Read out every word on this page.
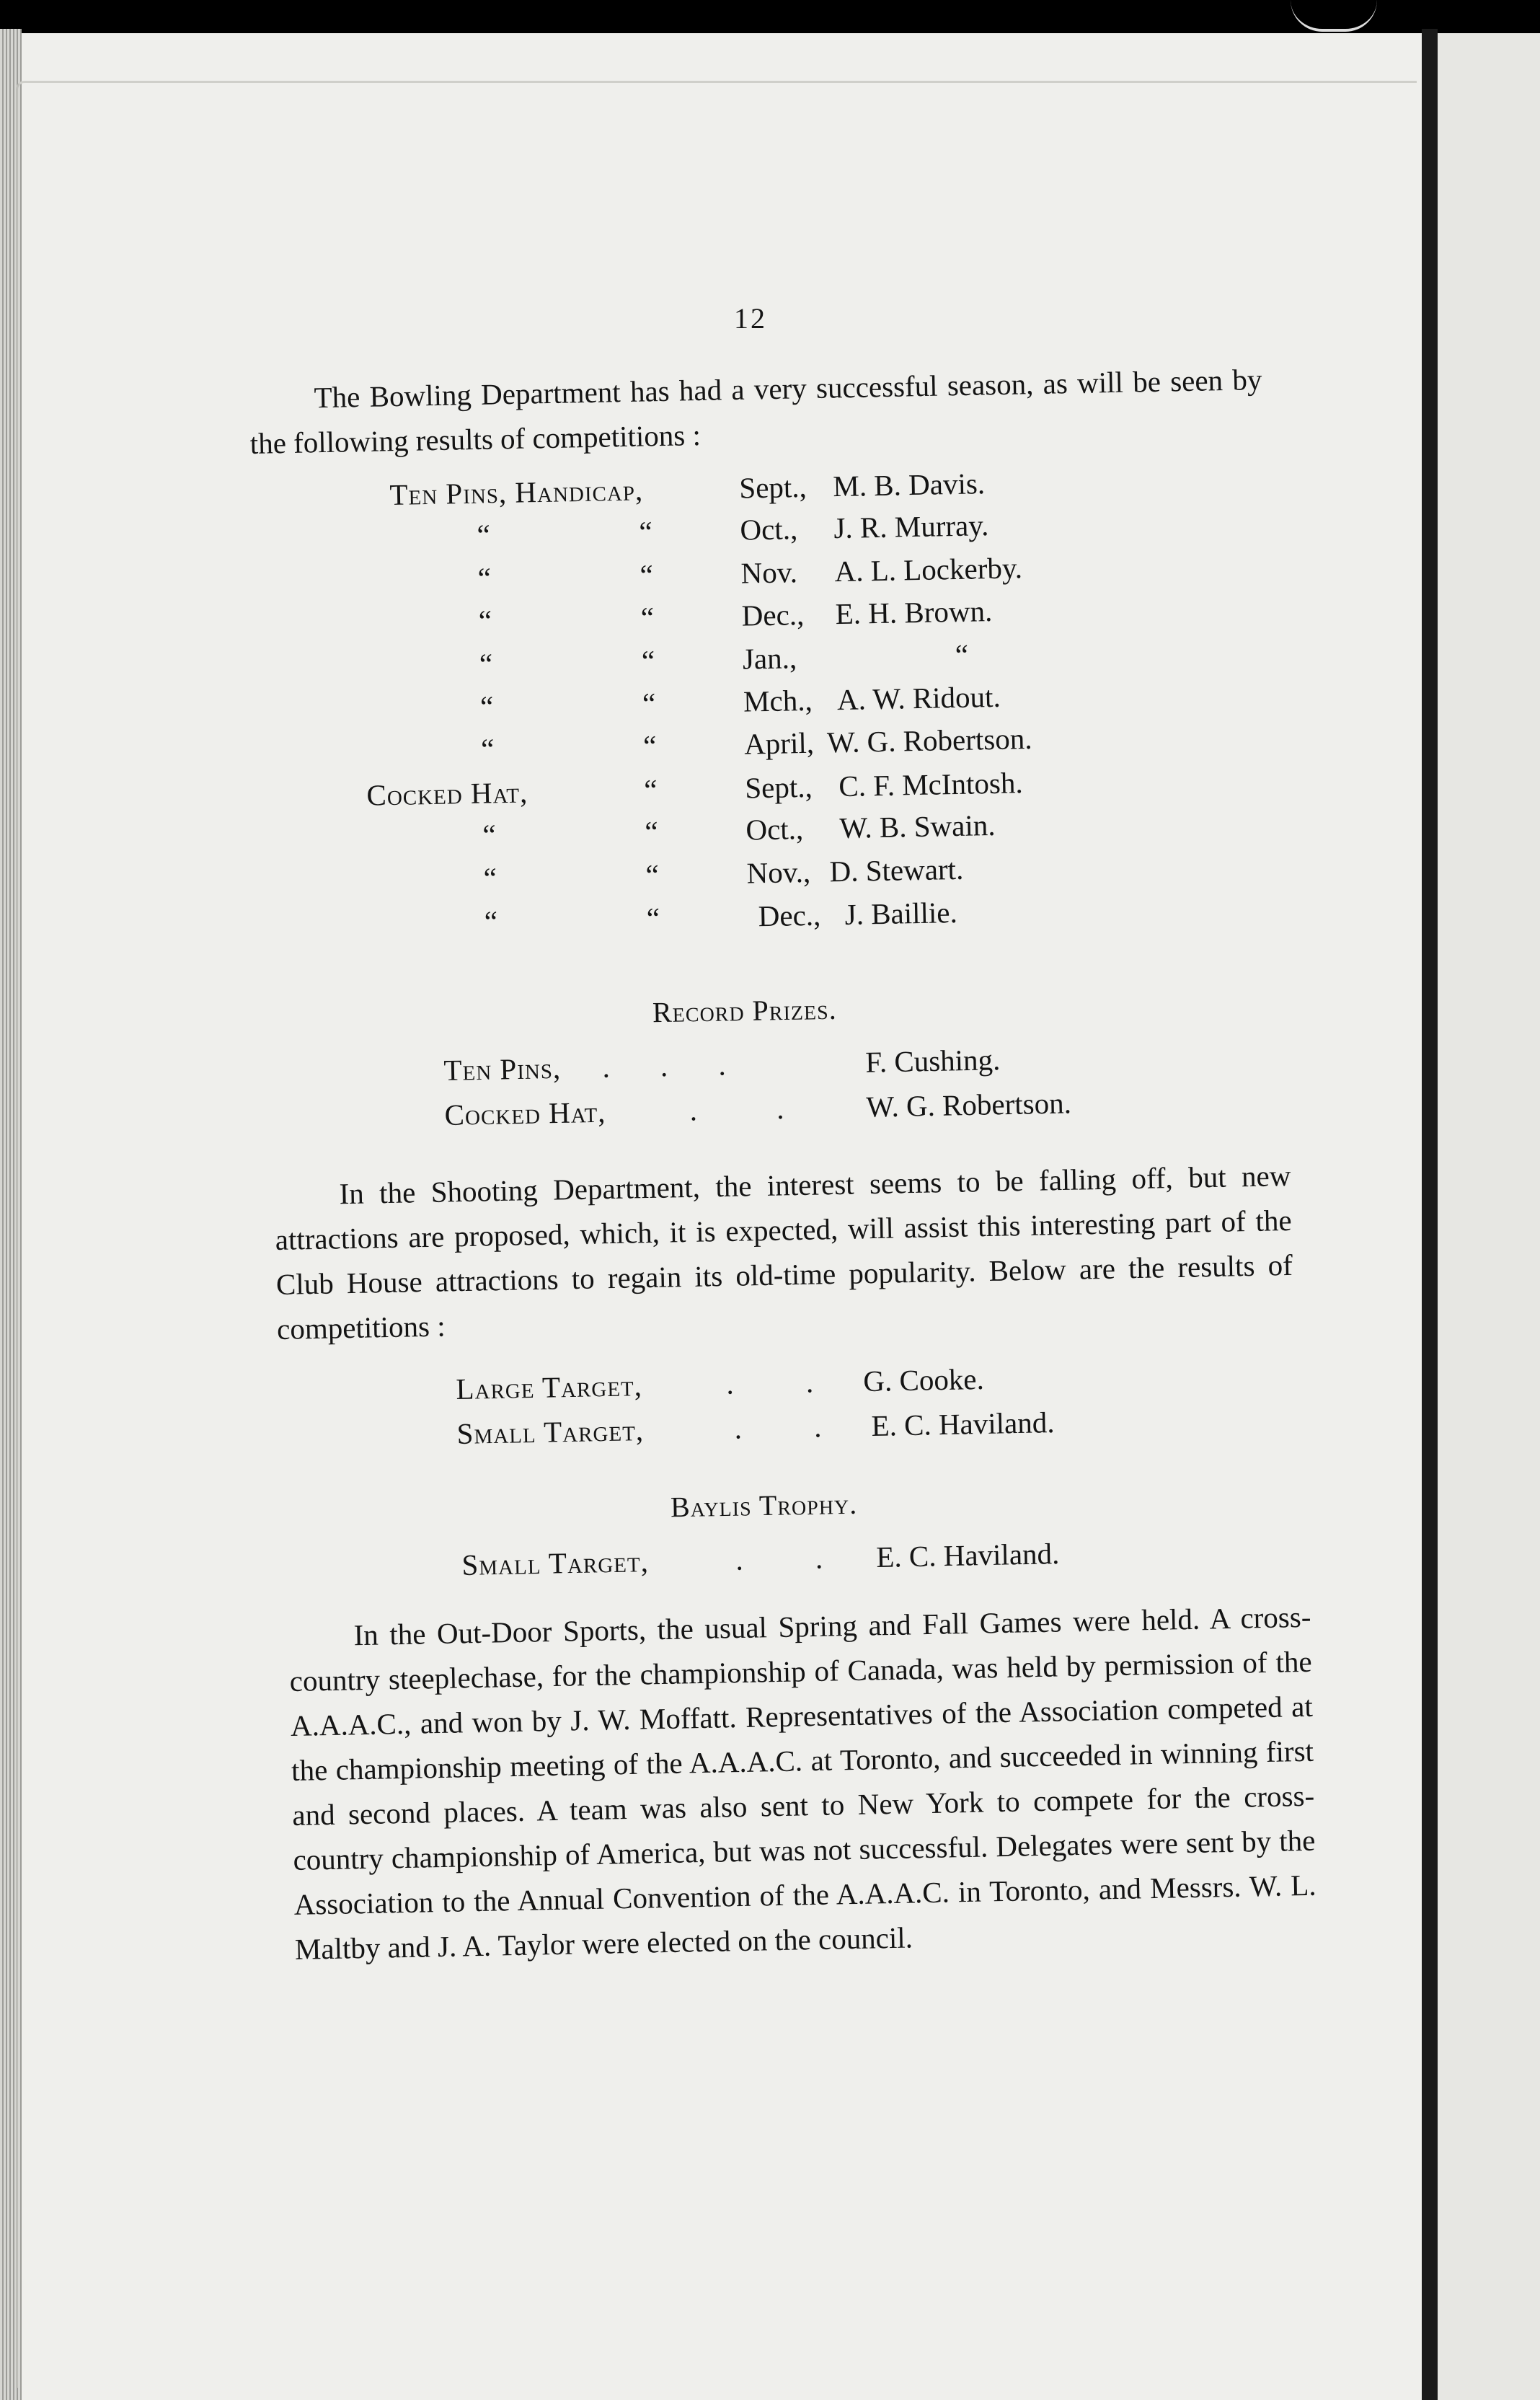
12

The Bowling Department has had a very successful season, as will be seen by the following results of competitions :

Ten Pins, Handicap,	Sept., M. B. Davis.
“	“	Oct., J. R. Murray.
“	“	Nov. A. L. Lockerby.
“	“	Dec., E. H. Brown.
“	“	Jan.,	“
“	“	Mch., A. W. Ridout.
“	“	April, W. G. Robertson.
Cocked Hat,	“	Sept., C. F. McIntosh.
“	“	Oct., W. B. Swain.
“	“	Nov., D. Stewart.
“	“	Dec., J. Baillie.
Record Prizes.
Ten Pins, . . .	F. Cushing.
Cocked Hat,	. .	W. G. Robertson.

In the Shooting Department, the interest seems to be falling off, but new attractions are proposed, which, it is expected, will assist this interesting part of the Club House attractions to regain its old-time popularity. Below are the results of competitions :

Large Target,	. . G. Cooke.
Small Target,	. . E. C. Haviland.
Baylis Trophy.
Small Target,	. . E. C. Haviland.

In the Out-Door Sports, the usual Spring and Fall Games were held. A cross-country steeplechase, for the championship of Canada, was held by permission of the A.A.A.C., and won by J. W. Moffatt. Representatives of the Association competed at the championship meeting of the A.A.A.C. at Toronto, and succeeded in winning first and second places. A team was also sent to New York to compete for the cross-country championship of America, but was not successful. Delegates were sent by the Association to the Annual Convention of the A.A.A.C. in Toronto, and Messrs. W. L. Maltby and J. A. Taylor were elected on the council.
